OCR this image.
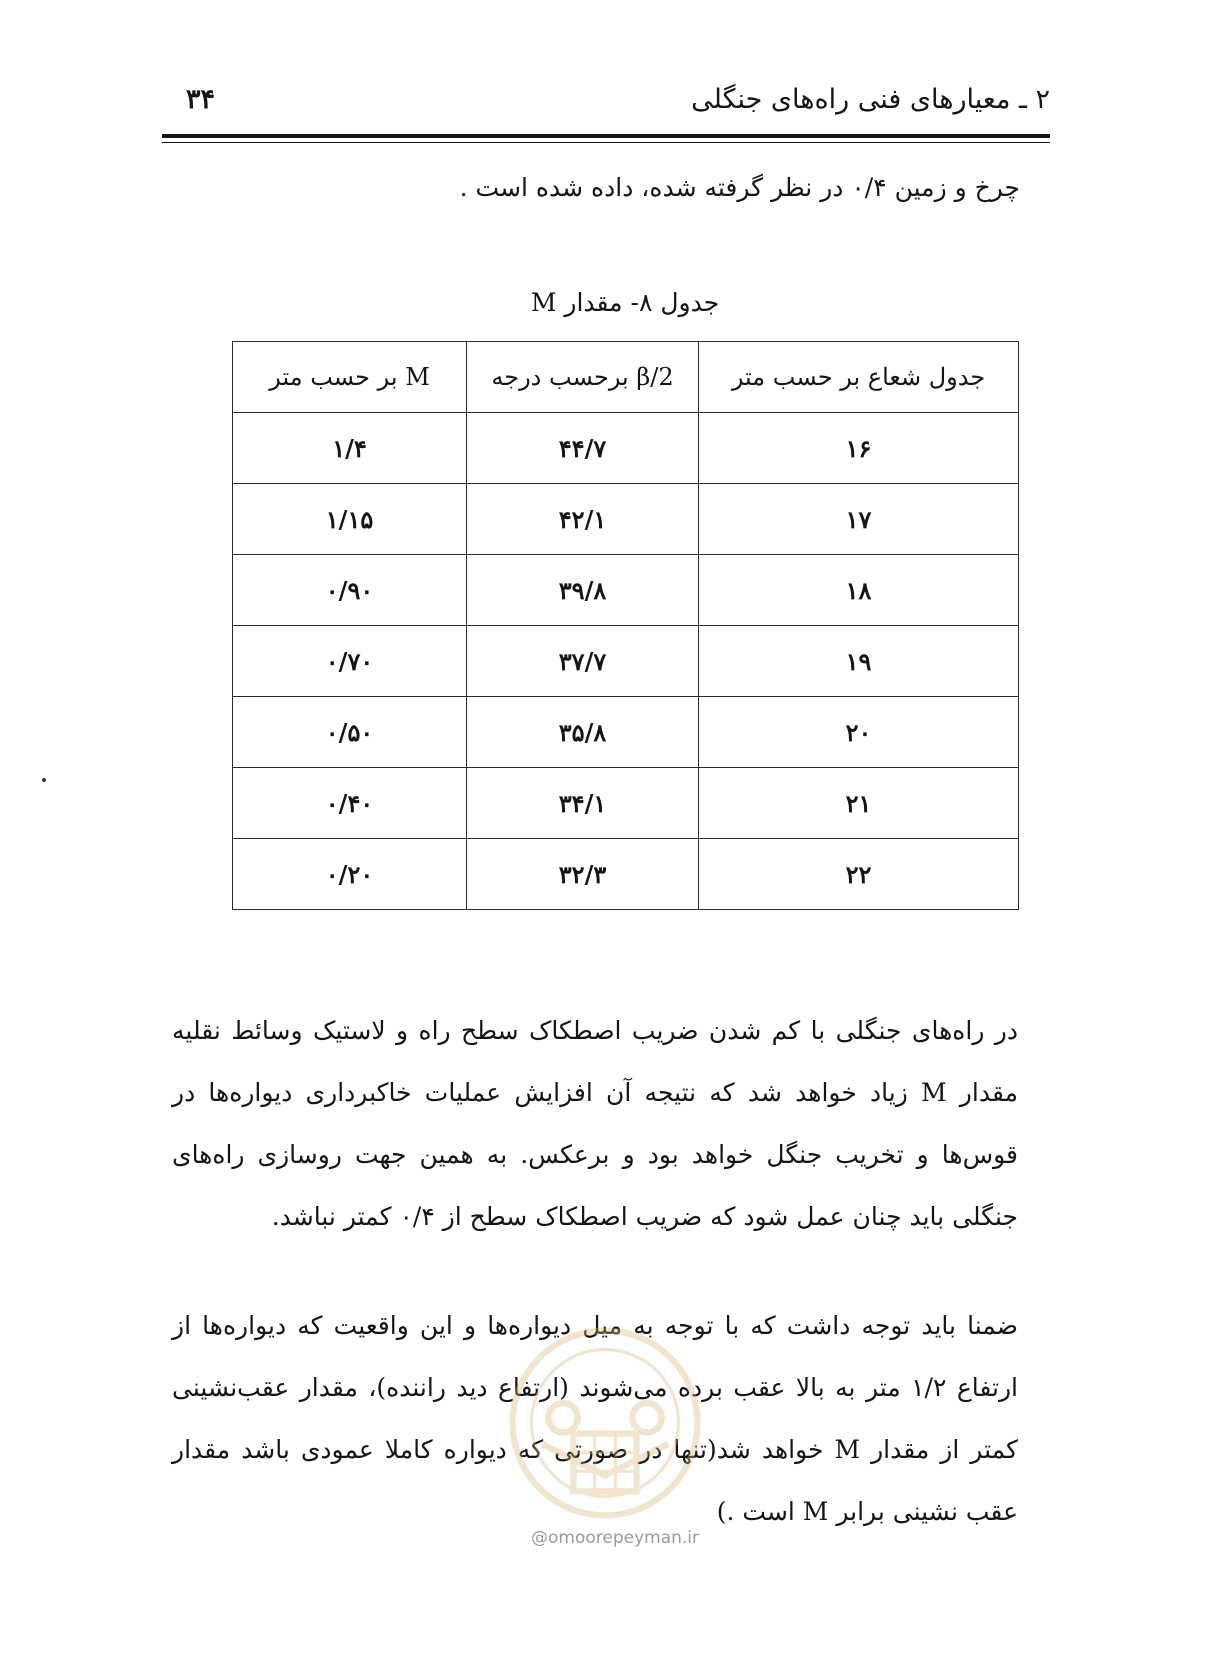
۲ ـ معیارهای فنی راه‌های جنگلی
۳۴
چرخ و زمین ۰/۴ در نظر گرفته شده، داده شده است .
جدول ۸- مقدار M
جدول شعاع بر حسب متر	β/2 برحسب درجه	M بر حسب متر
۱۶	۴۴/۷	۱/۴
۱۷	۴۲/۱	۱/۱۵
۱۸	۳۹/۸	۰/۹۰
۱۹	۳۷/۷	۰/۷۰
۲۰	۳۵/۸	۰/۵۰
۲۱	۳۴/۱	۰/۴۰
۲۲	۳۲/۳	۰/۲۰

در راه‌های جنگلی با کم شدن ضریب اصطکاک سطح راه و لاستیک وسائط نقلیه مقدار M زیاد خواهد شد که نتیجه آن افزایش عملیات خاکبرداری دیواره‌ها در قوس‌ها و تخریب جنگل خواهد بود و برعکس. به همین جهت روسازی راه‌های جنگلی باید چنان عمل شود که ضریب اصطکاک سطح از ۰/۴ کمتر نباشد.

ضمنا باید توجه داشت که با توجه به میل دیواره‌ها و این واقعیت که دیواره‌ها از ارتفاع ۱/۲ متر به بالا عقب برده می‌شوند (ارتفاع دید راننده)، مقدار عقب‌نشینی کمتر از مقدار M خواهد شد(تنها در صورتی که دیواره کاملا عمودی باشد مقدار عقب نشینی برابر M است .)

@omoorepeyman.ir
